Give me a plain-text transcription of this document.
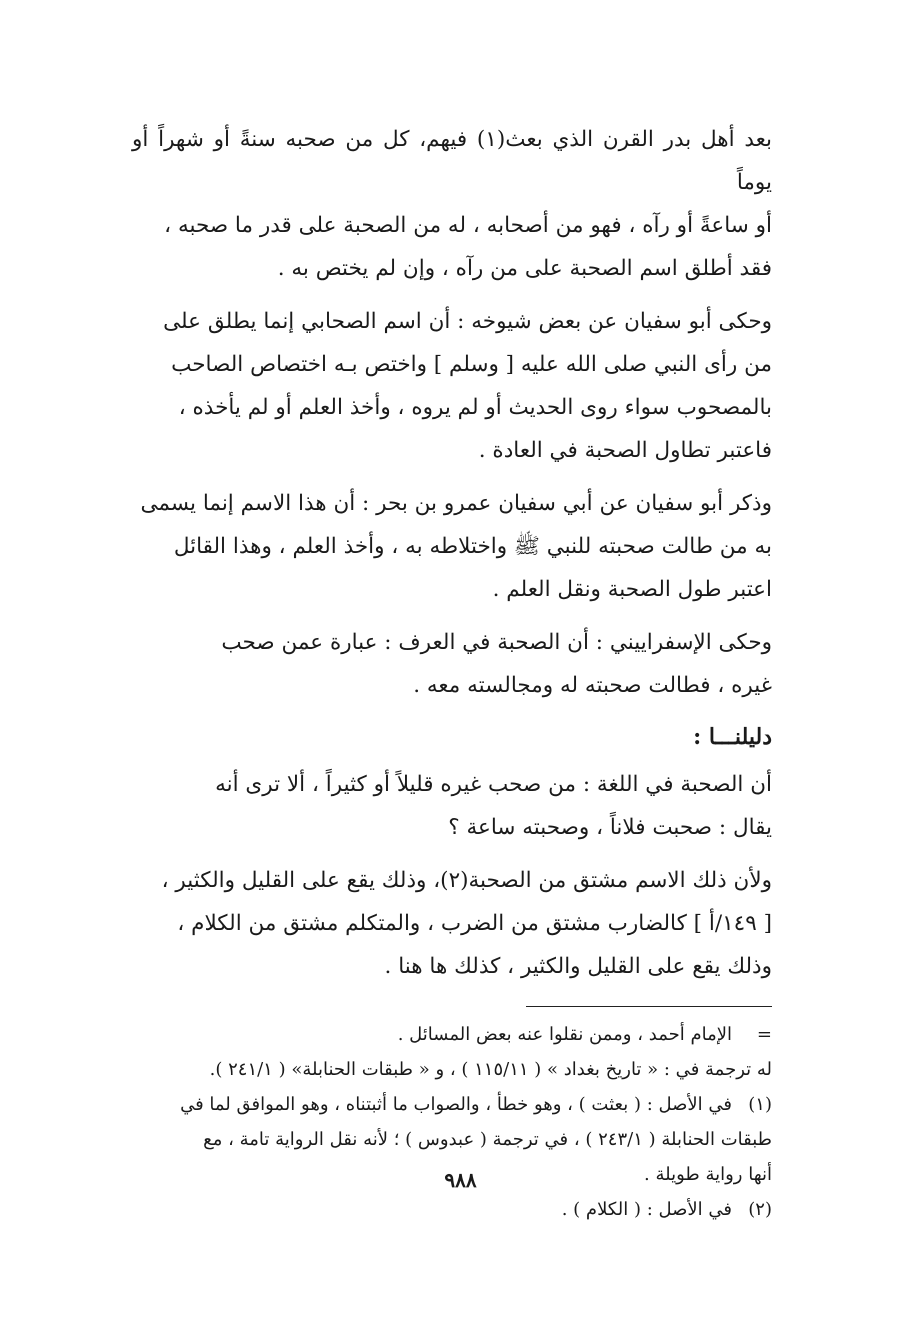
بعد أهل بدر القرن الذي بعث(١) فيهم، كل من صحبه سنةً أو شهراً أو يوماً
أو ساعةً أو رآه ، فهو من أصحابه ، له من الصحبة على قدر ما صحبه ،
فقد أطلق اسم الصحبة على من رآه ، وإن لم يختص به .

وحكى أبو سفيان عن بعض شيوخه : أن اسم الصحابي إنما يطلق على
من رأى النبي صلى الله عليه [ وسلم ] واختص بـه اختصاص الصاحب
بالمصحوب سواء روى الحديث أو لم يروه ، وأخذ العلم أو لم يأخذه ،
فاعتبر تطاول الصحبة في العادة .

وذكر أبو سفيان عن أبي سفيان عمرو بن بحر : أن هذا الاسم إنما يسمى
به من طالت صحبته للنبي ﷺ واختلاطه به ، وأخذ العلم ، وهذا القائل
اعتبر طول الصحبة ونقل العلم .

وحكى الإسفراييني : أن الصحبة في العرف : عبارة عمن صحب
غيره ، فطالت صحبته له ومجالسته معه .

دليلنـــا :

أن الصحبة في اللغة : من صحب غيره قليلاً أو كثيراً ، ألا ترى أنه
يقال : صحبت فلاناً ، وصحبته ساعة ؟

ولأن ذلك الاسم مشتق من الصحبة(٢)، وذلك يقع على القليل والكثير ،
[ ١٤٩/أ ] كالضارب مشتق من الضرب ، والمتكلم مشتق من الكلام ،
وذلك يقع على القليل والكثير ، كذلك ها هنا .

=
الإمام أحمد ، وممن نقلوا عنه بعض المسائل .
له ترجمة في : « تاريخ بغداد » ( ١١٥/١١ ) ، و « طبقات الحنابلة» ( ٢٤١/١ ).
(١)
في الأصل : ( بعثت ) ، وهو خطأ ، والصواب ما أثبتناه ، وهو الموافق لما في
طبقات الحنابلة ( ٢٤٣/١ ) ، في ترجمة ( عبدوس ) ؛ لأنه نقل الرواية تامة ، مع
أنها رواية طويلة .
(٢)
في الأصل : ( الكلام ) .
٩٨٨
